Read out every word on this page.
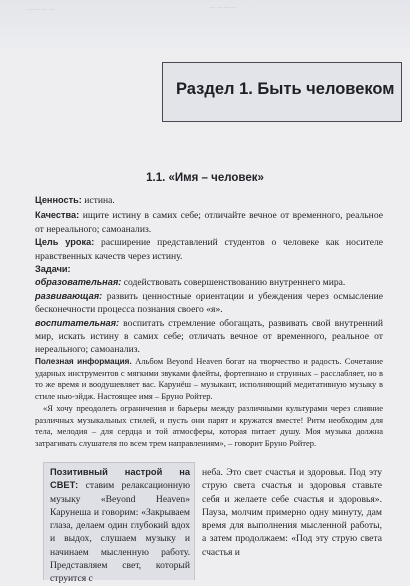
... ... ... ...	... ... ... ...
Раздел 1. Быть человеком
1.1. «Имя – человек»

Ценность: истина.

Качества: ищите истину в самих себе; отличайте вечное от временного, реальное от нереального; самоанализ.

Цель урока: расширение представлений студентов о человеке как носителе нравственных качеств через истину.

Задачи:

образовательная: содействовать совершенствованию внутреннего мира.

развивающая: развить ценностные ориентации и убеждения через осмысление бесконечности процесса познания своего «я».

воспитательная: воспитать стремление обогащать, развивать свой внутренний мир, искать истину в самих себе; отличать вечное от временного, реальное от нереального; самоанализ.

Полезная информация. Альбом Beyond Heaven богат на творчество и радость. Сочетание ударных инструментов с мягкими звуками флейты, фортепиано и струнных – расслабляет, но в то же время и воодушевляет вас. Карунёш – музыкант, исполняющий медитативную музыку в стиле нью-эйдж. Настоящее имя – Бруно Ройтер.

«Я хочу преодолеть ограничения и барьеры между различными культурами через слияние различных музыкальных стилей, и пусть они парят и кружатся вместе! Ритм необходим для тела, мелодия – для сердца и той атмосферы, которая питает душу. Моя музыка должна затрагивать слушателя по всем трем направлениям», – говорит Бруно Ройтер.

Позитивный настрой на СВЕТ: ставим релаксационную музыку «Beyond Heaven» Карунеша и говорим: «Закрываем глаза, делаем один глубокий вдох и выдох, слушаем музыку и начинаем мысленную работу. Представляем свет, который струится с
неба. Это свет счастья и здоровья. Под эту струю света счастья и здоровья ставьте себя и желаете себе счастья и здоровья». Пауза, молчим примерно одну минуту, дам время для выполнения мысленной работы, а затем продолжаем: «Под эту струю света счастья и
